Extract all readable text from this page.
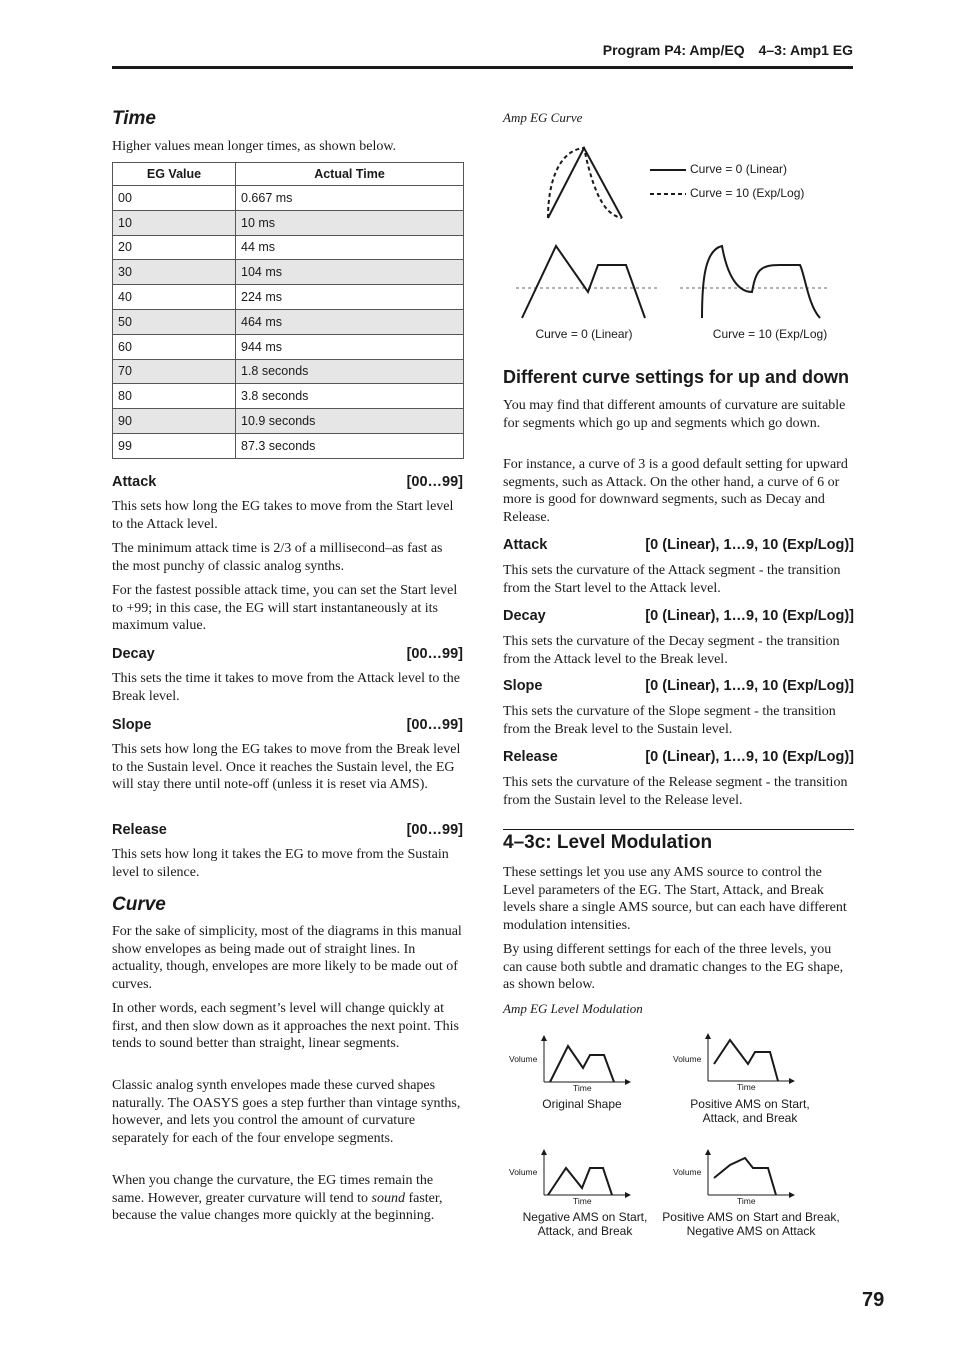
Program P4: Amp/EQ 4–3: Amp1 EG
Time

Higher values mean longer times, as shown below.

EG Value	Actual Time
00	0.667 ms
10	10 ms
20	44 ms
30	104 ms
40	224 ms
50	464 ms
60	944 ms
70	1.8 seconds
80	3.8 seconds
90	10.9 seconds
99	87.3 seconds
Attack	[00…99]

This sets how long the EG takes to move from the Start level to the Attack level.

The minimum attack time is 2/3 of a millisecond–as fast as the most punchy of classic analog synths.

For the fastest possible attack time, you can set the Start level to +99; in this case, the EG will start instantaneously at its maximum value.

Decay	[00…99]

This sets the time it takes to move from the Attack level to the Break level.

Slope	[00…99]

This sets how long the EG takes to move from the Break level to the Sustain level. Once it reaches the Sustain level, the EG will stay there until note-off (unless it is reset via AMS).

Release	[00…99]

This sets how long it takes the EG to move from the Sustain level to silence.

Curve

For the sake of simplicity, most of the diagrams in this manual show envelopes as being made out of straight lines. In actuality, though, envelopes are more likely to be made out of curves.

In other words, each segment’s level will change quickly at first, and then slow down as it approaches the next point. This tends to sound better than straight, linear segments.

Classic analog synth envelopes made these curved shapes naturally. The OASYS goes a step further than vintage synths, however, and lets you control the amount of curvature separately for each of the four envelope segments.

When you change the curvature, the EG times remain the same. However, greater curvature will tend to sound faster, because the value changes more quickly at the beginning.

Amp EG Curve
Curve = 0 (Linear)
Curve = 10 (Exp/Log)
Curve = 0 (Linear)	Curve = 10 (Exp/Log)
Different curve settings for up and down

You may find that different amounts of curvature are suitable for segments which go up and segments which go down.

For instance, a curve of 3 is a good default setting for upward segments, such as Attack. On the other hand, a curve of 6 or more is good for downward segments, such as Decay and Release.

Attack	[0 (Linear), 1…9, 10 (Exp/Log)]

This sets the curvature of the Attack segment - the transition from the Start level to the Attack level.

Decay	[0 (Linear), 1…9, 10 (Exp/Log)]

This sets the curvature of the Decay segment - the transition from the Attack level to the Break level.

Slope	[0 (Linear), 1…9, 10 (Exp/Log)]

This sets the curvature of the Slope segment - the transition from the Break level to the Sustain level.

Release	[0 (Linear), 1…9, 10 (Exp/Log)]

This sets the curvature of the Release segment - the transition from the Sustain level to the Release level.

4–3c: Level Modulation

These settings let you use any AMS source to control the Level parameters of the EG. The Start, Attack, and Break levels share a single AMS source, but can each have different modulation intensities.

By using different settings for each of the three levels, you can cause both subtle and dramatic changes to the EG shape, as shown below.

Amp EG Level Modulation
Volume
Time
Volume
Time
Volume
Time
Volume
Time
Original Shape	Positive AMS on Start,
Attack, and Break
Negative AMS on Start,
Attack, and Break
Positive AMS on Start and Break,
Negative AMS on Attack
79
